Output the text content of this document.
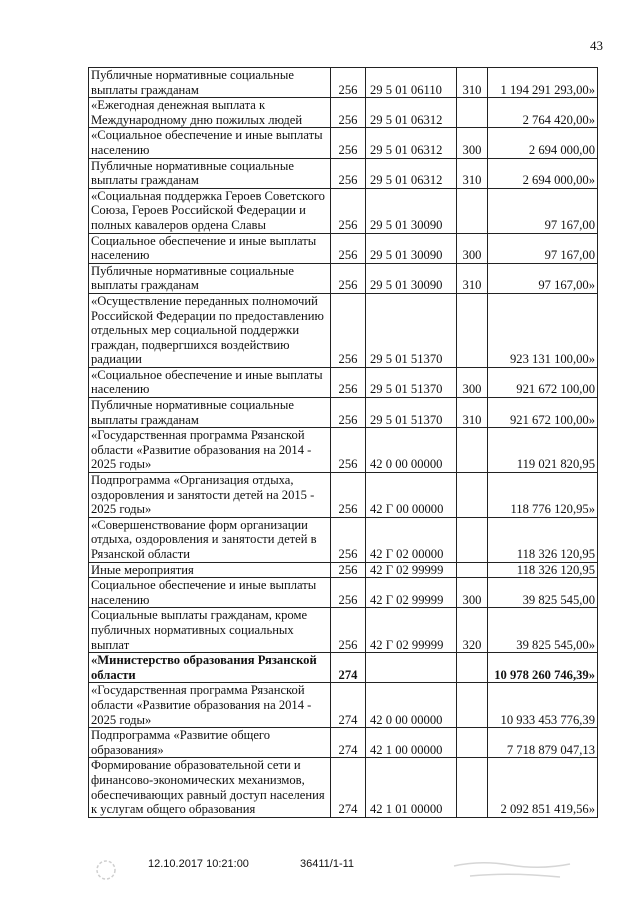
43
Публичные нормативные социальные выплаты гражданам	256	29 5 01 06110	310	1 194 291 293,00»
«Ежегодная денежная выплата к Международному дню пожилых людей	256	29 5 01 06312		2 764 420,00»
«Социальное обеспечение и иные выплаты населению	256	29 5 01 06312	300	2 694 000,00
Публичные нормативные социальные выплаты гражданам	256	29 5 01 06312	310	2 694 000,00»
«Социальная поддержка Героев Советского Союза, Героев Российской Федерации и полных кавалеров ордена Славы	256	29 5 01 30090		97 167,00
Социальное обеспечение и иные выплаты населению	256	29 5 01 30090	300	97 167,00
Публичные нормативные социальные выплаты гражданам	256	29 5 01 30090	310	97 167,00»
«Осуществление переданных полномочий Российской Федерации по предоставлению отдельных мер социальной поддержки граждан, подвергшихся воздействию радиации	256	29 5 01 51370		923 131 100,00»
«Социальное обеспечение и иные выплаты населению	256	29 5 01 51370	300	921 672 100,00
Публичные нормативные социальные выплаты гражданам	256	29 5 01 51370	310	921 672 100,00»
«Государственная программа Рязанской области «Развитие образования на 2014 - 2025 годы»	256	42 0 00 00000		119 021 820,95
Подпрограмма «Организация отдыха, оздоровления и занятости детей на 2015 - 2025 годы»	256	42 Г 00 00000		118 776 120,95»
«Совершенствование форм организации отдыха, оздоровления и занятости детей в Рязанской области	256	42 Г 02 00000		118 326 120,95
Иные мероприятия	256	42 Г 02 99999		118 326 120,95
Социальное обеспечение и иные выплаты населению	256	42 Г 02 99999	300	39 825 545,00
Социальные выплаты гражданам, кроме публичных нормативных социальных выплат	256	42 Г 02 99999	320	39 825 545,00»
«Министерство образования Рязанской области	274			10 978 260 746,39»
«Государственная программа Рязанской области «Развитие образования на 2014 - 2025 годы»	274	42 0 00 00000		10 933 453 776,39
Подпрограмма «Развитие общего образования»	274	42 1 00 00000		7 718 879 047,13
Формирование образовательной сети и финансово-экономических механизмов, обеспечивающих равный доступ населения к услугам общего образования	274	42 1 01 00000		2 092 851 419,56»
12.10.2017 10:21:00	36411/1-11
